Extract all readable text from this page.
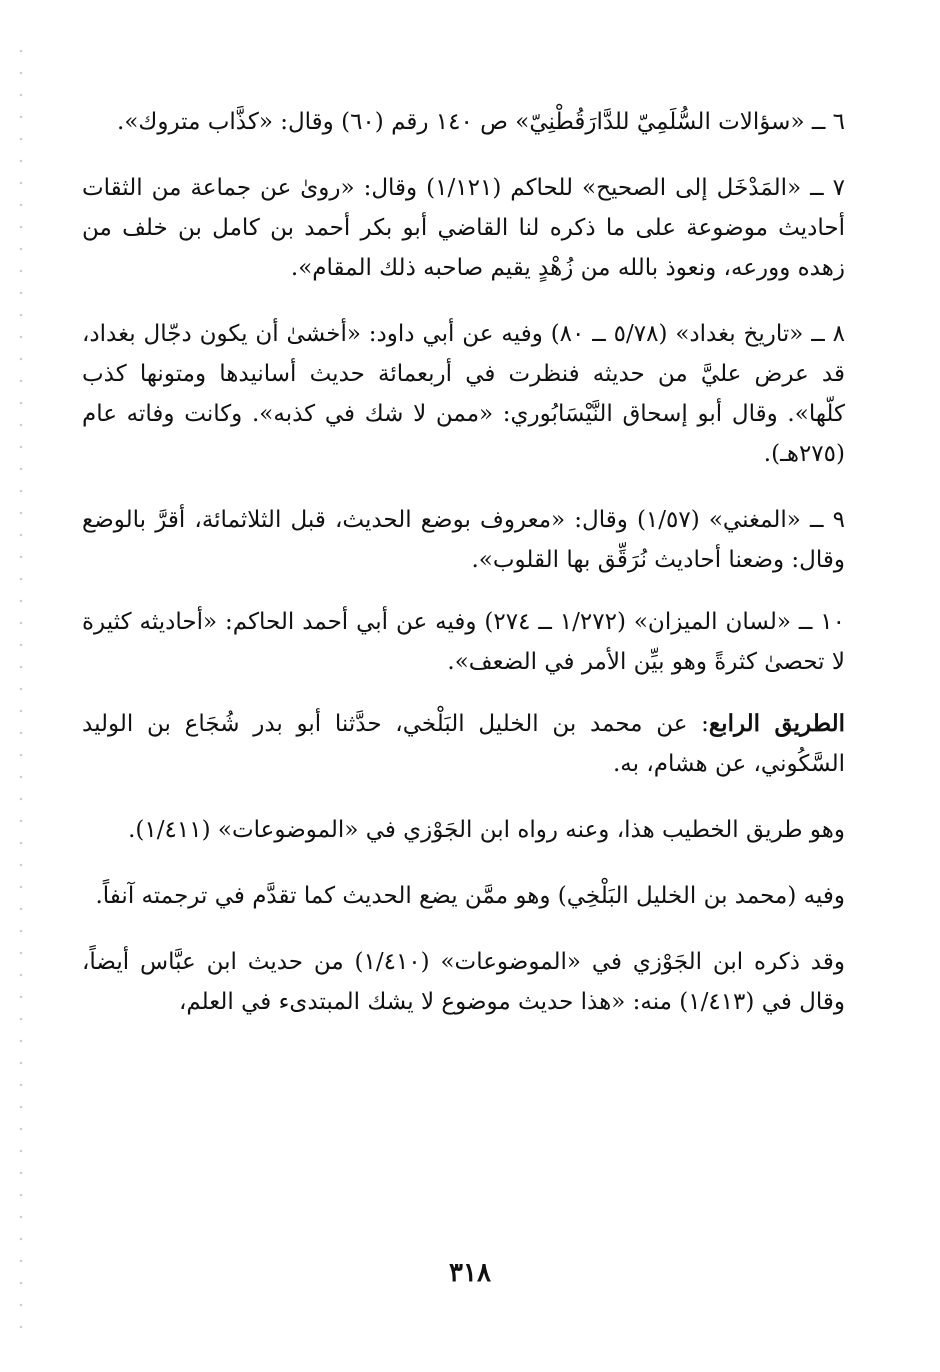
٦ ــ «سؤالات السُّلَمِيّ للدَّارَقُطْنِيّ» ص ١٤٠ رقم (٦٠) وقال: «كذَّاب متروك».

٧ ــ «المَدْخَل إلى الصحيح» للحاكم (١/١٢١) وقال: «روىٰ عن جماعة من الثقات أحاديث موضوعة على ما ذكره لنا القاضي أبو بكر أحمد بن كامل بن خلف من زهده وورعه، ونعوذ بالله من زُهْدٍ يقيم صاحبه ذلك المقام».

٨ ــ «تاريخ بغداد» (٥/٧٨ ــ ٨٠) وفيه عن أبي داود: «أخشىٰ أن يكون دجّال بغداد، قد عرض عليَّ من حديثه فنظرت في أربعمائة حديث أسانيدها ومتونها كذب كلّها». وقال أبو إسحاق النَّيْسَابُوري: «ممن لا شك في كذبه». وكانت وفاته عام (٢٧٥هـ).

٩ ــ «المغني» (١/٥٧) وقال: «معروف بوضع الحديث، قبل الثلاثمائة، أقرَّ بالوضع وقال: وضعنا أحاديث نُرَقِّق بها القلوب».

١٠ ــ «لسان الميزان» (١/٢٧٢ ــ ٢٧٤) وفيه عن أبي أحمد الحاكم: «أحاديثه كثيرة لا تحصىٰ كثرةً وهو بيِّن الأمر في الضعف».

الطريق الرابع: عن محمد بن الخليل البَلْخي، حدَّثنا أبو بدر شُجَاع بن الوليد السَّكُوني، عن هشام، به.

وهو طريق الخطيب هذا، وعنه رواه ابن الجَوْزي في «الموضوعات» (١/٤١١).

وفيه (محمد بن الخليل البَلْخِي) وهو ممَّن يضع الحديث كما تقدَّم في ترجمته آنفاً.

وقد ذكره ابن الجَوْزي في «الموضوعات» (١/٤١٠) من حديث ابن عبَّاس أيضاً، وقال في (١/٤١٣) منه: «هذا حديث موضوع لا يشك المبتدىء في العلم،

٣١٨
